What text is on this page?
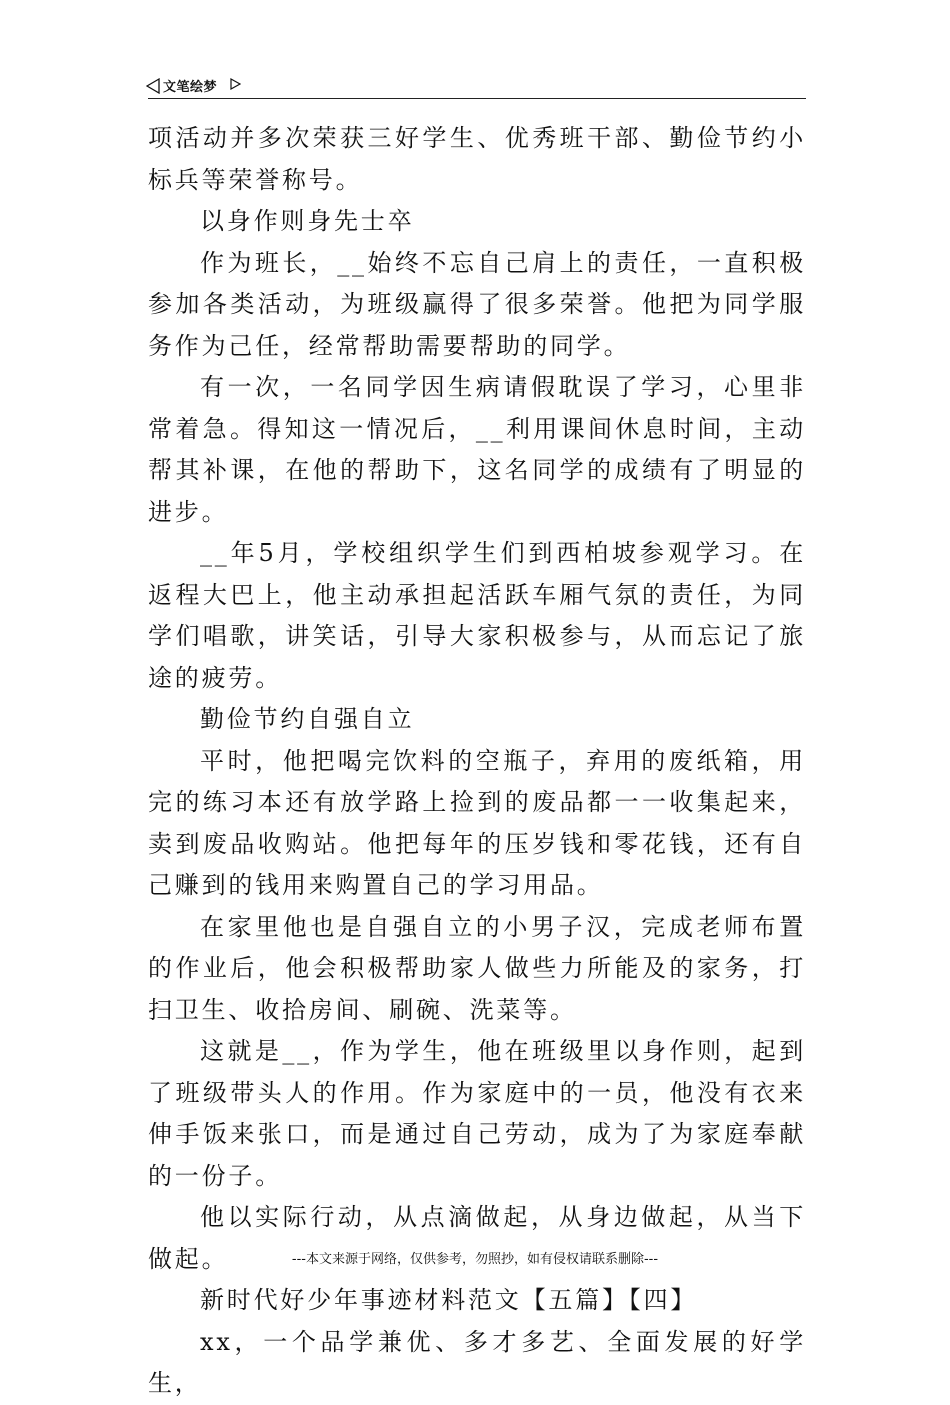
文笔绘梦

项活动并多次荣获三好学生、优秀班干部、勤俭节约小标兵等荣誉称号。

以身作则身先士卒

作为班长，__始终不忘自己肩上的责任，一直积极参加各类活动，为班级赢得了很多荣誉。他把为同学服务作为己任，经常帮助需要帮助的同学。

有一次，一名同学因生病请假耽误了学习，心里非常着急。得知这一情况后，__利用课间休息时间，主动帮其补课，在他的帮助下，这名同学的成绩有了明显的进步。

__年5月，学校组织学生们到西柏坡参观学习。在返程大巴上，他主动承担起活跃车厢气氛的责任，为同学们唱歌，讲笑话，引导大家积极参与，从而忘记了旅途的疲劳。

勤俭节约自强自立

平时，他把喝完饮料的空瓶子，弃用的废纸箱，用完的练习本还有放学路上捡到的废品都一一收集起来，卖到废品收购站。他把每年的压岁钱和零花钱，还有自己赚到的钱用来购置自己的学习用品。

在家里他也是自强自立的小男子汉，完成老师布置的作业后，他会积极帮助家人做些力所能及的家务，打扫卫生、收拾房间、刷碗、洗菜等。

这就是__，作为学生，他在班级里以身作则，起到了班级带头人的作用。作为家庭中的一员，他没有衣来伸手饭来张口，而是通过自己劳动，成为了为家庭奉献的一份子。

他以实际行动，从点滴做起，从身边做起，从当下做起。

新时代好少年事迹材料范文【五篇】【四】

xx，一个品学兼优、多才多艺、全面发展的好学生，

---本文来源于网络，仅供参考，勿照抄，如有侵权请联系删除---
